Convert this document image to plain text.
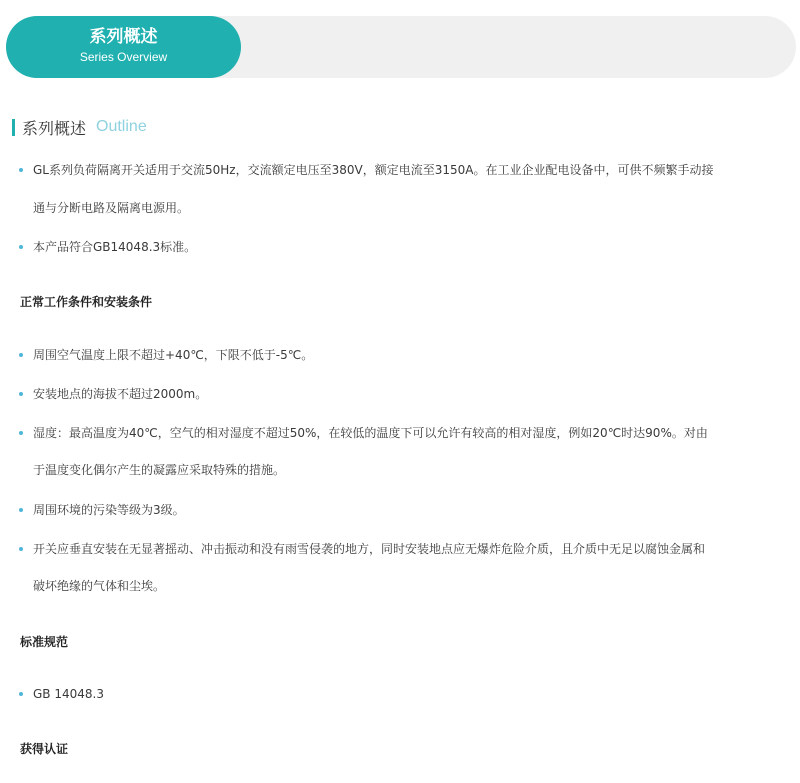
系列概述
Series Overview
系列概述 Outline
GL系列负荷隔离开关适用于交流50Hz，交流额定电压至380V，额定电流至3150A。在工业企业配电设备中，可供不频繁手动接
通与分断电路及隔离电源用。
本产品符合GB14048.3标准。
正常工作条件和安装条件
周围空气温度上限不超过+40℃，下限不低于-5℃。
安装地点的海拔不超过2000m。
湿度：最高温度为40℃，空气的相对湿度不超过50%，在较低的温度下可以允许有较高的相对湿度，例如20℃时达90%。对由
于温度变化偶尔产生的凝露应采取特殊的措施。
周围环境的污染等级为3级。
开关应垂直安装在无显著摇动、冲击振动和没有雨雪侵袭的地方，同时安装地点应无爆炸危险介质，且介质中无足以腐蚀金属和
破坏绝缘的气体和尘埃。
标准规范
GB 14048.3
获得认证
